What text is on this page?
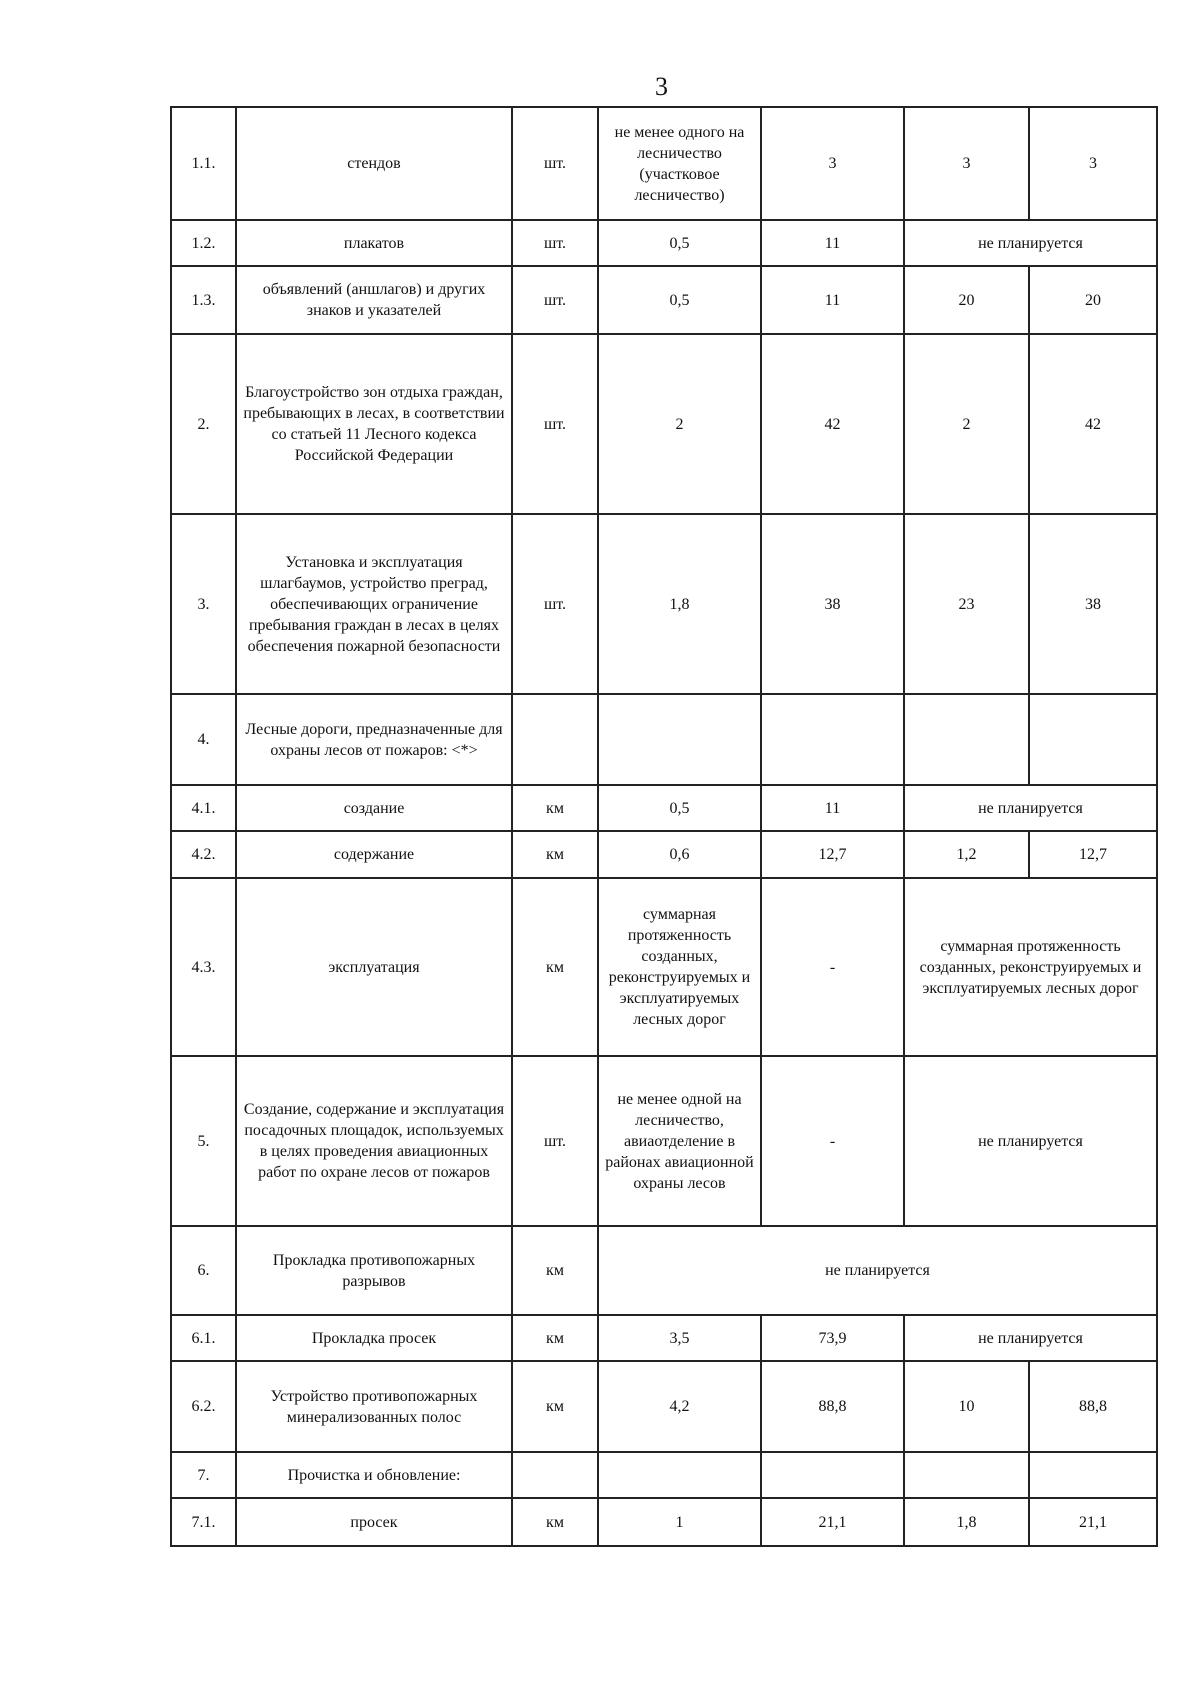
3
1.1.	стендов	шт.	не менее одного на лесничество (участковое лесничество)	3	3	3
1.2.	плакатов	шт.	0,5	11	не планируется	
1.3.	объявлений (аншлагов) и других знаков и указателей	шт.	0,5	11	20	20
2.	Благоустройство зон отдыха граждан, пребывающих в лесах, в соответствии со статьей 11 Лесного кодекса Российской Федерации	шт.	2	42	2	42
3.	Установка и эксплуатация шлагбаумов, устройство преград, обеспечивающих ограничение пребывания граждан в лесах в целях обеспечения пожарной безопасности	шт.	1,8	38	23	38
4.	Лесные дороги, предназначенные для охраны лесов от пожаров: <*>					
4.1.	создание	км	0,5	11	не планируется	
4.2.	содержание	км	0,6	12,7	1,2	12,7
4.3.	эксплуатация	км	суммарная протяженность созданных, реконструируемых и эксплуатируемых лесных дорог	-	суммарная протяженность созданных, реконструируемых и эксплуатируемых лесных дорог	
5.	Создание, содержание и эксплуатация посадочных площадок, используемых в целях проведения авиационных работ по охране лесов от пожаров	шт.	не менее одной на лесничество, авиаотделение в районах авиационной охраны лесов	-	не планируется	
6.	Прокладка противопожарных разрывов	км	не планируется			
6.1.	Прокладка просек	км	3,5	73,9	не планируется	
6.2.	Устройство противопожарных минерализованных полос	км	4,2	88,8	10	88,8
7.	Прочистка и обновление:					
7.1.	просек	км	1	21,1	1,8	21,1
